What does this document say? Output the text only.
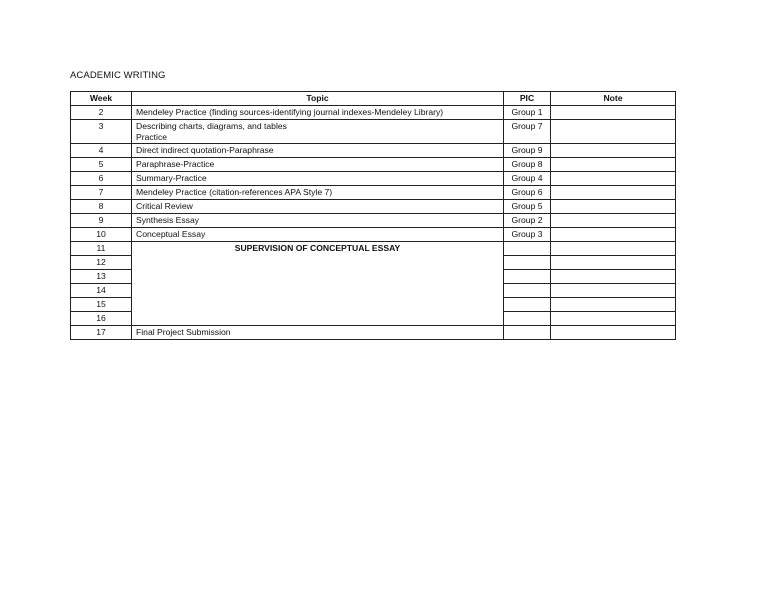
ACADEMIC WRITING
Week	Topic	PIC	Note
2	Mendeley Practice (finding sources-identifying journal indexes-Mendeley Library)	Group 1	
3	Describing charts, diagrams, and tables
Practice	Group 7	
4	Direct indirect quotation-Paraphrase	Group 9	
5	Paraphrase-Practice	Group 8	
6	Summary-Practice	Group 4	
7	Mendeley Practice (citation-references APA Style 7)	Group 6	
8	Critical Review	Group 5	
9	Synthesis Essay	Group 2	
10	Conceptual Essay	Group 3	
11	SUPERVISION OF CONCEPTUAL ESSAY		
12			
13			
14			
15			
16			
17	Final Project Submission		
